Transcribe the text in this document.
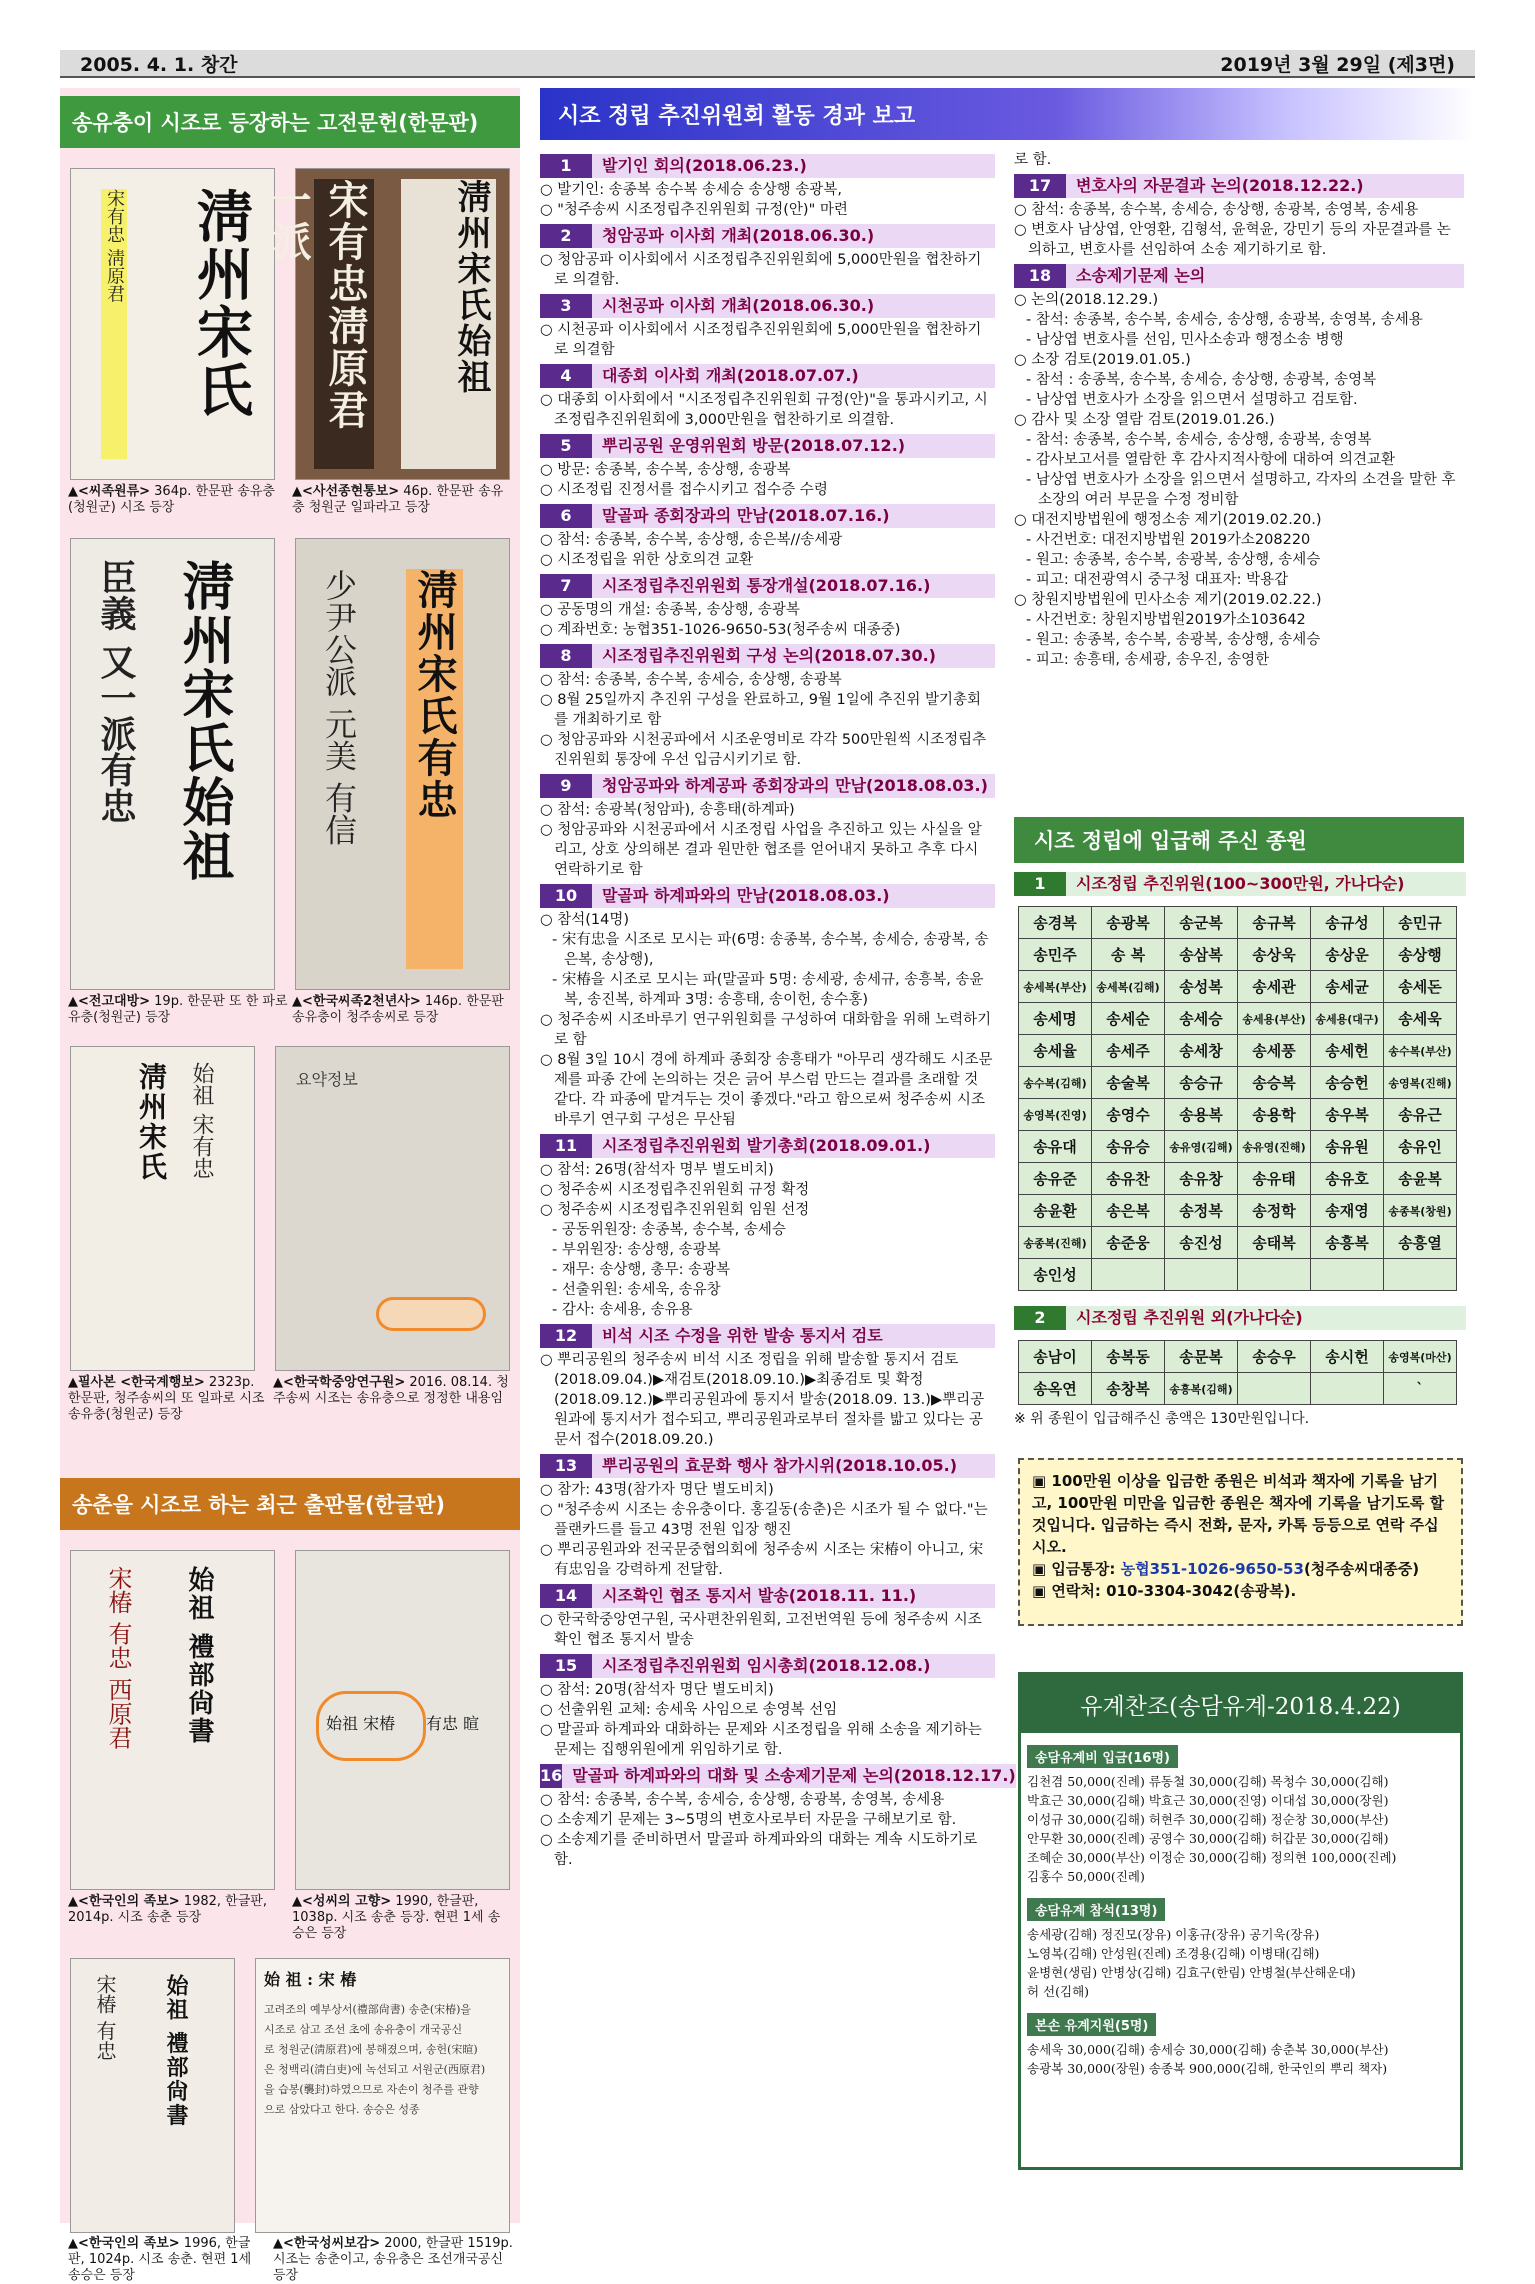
2005. 4. 1. 창간	2019년 3월 29일 (제3면)
송유충이 시조로 등장하는 고전문헌(한문판)
宋有忠 淸原君 淸州宋氏 宋有忠淸原君一派	淸州宋氏始祖
▲<씨족원류> 364p. 한문판 송유충(청원군) 시조 등장
▲<사선종현통보> 46p. 한문판 송유충 청원군 일파라고 등장
臣義 又一派有忠 淸州宋氏始祖	少尹公派 元美 有信 淸州宋氏有忠
▲<전고대방> 19p. 한문판 또 한 파로 유충(청원군) 등장
▲<한국씨족2천년사> 146p. 한문판 송유충이 청주송씨로 등장
淸州宋氏 始祖 宋有忠	요약정보
▲필사본 <한국계행보> 2323p. 한문판, 청주송씨의 또 일파로 시조 송유충(청원군) 등장
▲<한국학중앙연구원> 2016. 08.14. 청주송씨 시조는 송유충으로 정정한 내용임
송춘을 시조로 하는 최근 출판물(한글판)
宋椿 有忠 西原君 始祖 禮部尙書	始祖 宋椿 有忠 暄
▲<한국인의 족보> 1982, 한글판, 2014p. 시조 송춘 등장
▲<성씨의 고향> 1990, 한글판, 1038p. 시조 송춘 등장. 현편 1세 송승은 등장
宋椿 有忠 始祖 禮部尙書	始 祖 : 宋 椿
고려조의 예부상서(禮部尙書) 송춘(宋椿)을
시조로 삼고 조선 초에 송유충이 개국공신
로 청원군(淸原君)에 봉해졌으며, 송헌(宋暄)
은 청백리(淸白吏)에 녹선되고 서원군(西原君)
을 습봉(襲封)하였으므로 자손이 청주를 관향
으로 삼았다고 한다. 송승은 성종
▲<한국인의 족보> 1996, 한글판, 1024p. 시조 송춘. 현편 1세 송승은 등장
▲<한국성씨보감> 2000, 한글판 1519p. 시조는 송춘이고, 송유충은 조선개국공신 등장
시조 정립 추진위원회 활동 경과 보고
1	발기인 회의(2018.06.23.)
○ 발기인: 송종복 송수복 송세승 송상행 송광복,
○ "청주송씨 시조정립추진위원회 규정(안)" 마련
2	청암공파 이사회 개최(2018.06.30.)
○ 청암공파 이사회에서 시조정립추진위원회에 5,000만원을 협찬하기로 의결함.
3	시천공파 이사회 개최(2018.06.30.)
○ 시천공파 이사회에서 시조정립추진위원회에 5,000만원을 협찬하기로 의결함
4	대종회 이사회 개최(2018.07.07.)
○ 대종회 이사회에서 "시조정립추진위원회 규정(안)"을 통과시키고, 시조정립추진위원회에 3,000만원을 협찬하기로 의결함.
5	뿌리공원 운영위원회 방문(2018.07.12.)
○ 방문: 송종복, 송수복, 송상행, 송광복
○ 시조정립 진정서를 접수시키고 접수증 수령
6	말골파 종회장과의 만남(2018.07.16.)
○ 참석: 송종복, 송수복, 송상행, 송은복//송세광
○ 시조정립을 위한 상호의견 교환
7	시조정립추진위원회 통장개설(2018.07.16.)
○ 공동명의 개설: 송종복, 송상행, 송광복
○ 계좌번호: 농협351-1026-9650-53(청주송씨 대종중)
8	시조정립추진위원회 구성 논의(2018.07.30.)
○ 참석: 송종복, 송수복, 송세승, 송상행, 송광복
○ 8월 25일까지 추진위 구성을 완료하고, 9월 1일에 추진위 발기총회를 개최하기로 함
○ 청암공파와 시천공파에서 시조운영비로 각각 500만원씩 시조정립추진위원회 통장에 우선 입금시키기로 함.
9	청암공파와 하계공파 종회장과의 만남(2018.08.03.)
○ 참석: 송광복(청암파), 송흥태(하계파)
○ 청암공파와 시천공파에서 시조정립 사업을 추진하고 있는 사실을 알리고, 상호 상의해본 결과 원만한 협조를 얻어내지 못하고 추후 다시 연락하기로 함
10	말골파 하계파와의 만남(2018.08.03.)
○ 참석(14명)
- 宋有忠을 시조로 모시는 파(6명: 송종복, 송수복, 송세승, 송광복, 송은복, 송상행),
- 宋椿을 시조로 모시는 파(말골파 5명: 송세광, 송세규, 송흥복, 송윤복, 송진복, 하계파 3명: 송흥태, 송이헌, 송수홍)
○ 청주송씨 시조바루기 연구위원회를 구성하여 대화함을 위해 노력하기로 함
○ 8월 3일 10시 경에 하계파 종회장 송흥태가 "아무리 생각해도 시조문제를 파종 간에 논의하는 것은 긁어 부스럼 만드는 결과를 초래할 것 같다. 각 파종에 맡겨두는 것이 좋겠다."라고 함으로써 청주송씨 시조바루기 연구회 구성은 무산됨
11	시조정립추진위원회 발기총회(2018.09.01.)
○ 참석: 26명(참석자 명부 별도비치)
○ 청주송씨 시조정립추진위원회 규정 확정
○ 청주송씨 시조정립추진위원회 임원 선정
- 공동위원장: 송종복, 송수복, 송세승
- 부위원장: 송상행, 송광복
- 재무: 송상행, 총무: 송광복
- 선출위원: 송세욱, 송유창
- 감사: 송세용, 송유용
12	비석 시조 수정을 위한 발송 통지서 검토
○ 뿌리공원의 청주송씨 비석 시조 정립을 위해 발송할 통지서 검토(2018.09.04.)▶재검토(2018.09.10.)▶최종검토 및 확정(2018.09.12.)▶뿌리공원과에 통지서 발송(2018.09. 13.)▶뿌리공원과에 통지서가 접수되고, 뿌리공원과로부터 절차를 밟고 있다는 공문서 접수(2018.09.20.)
13	뿌리공원의 효문화 행사 참가시위(2018.10.05.)
○ 참가: 43명(참가자 명단 별도비치)
○ "청주송씨 시조는 송유충이다. 홍길동(송춘)은 시조가 될 수 없다."는 플랜카드를 들고 43명 전원 입장 행진
○ 뿌리공원과와 전국문중협의회에 청주송씨 시조는 宋椿이 아니고, 宋有忠임을 강력하게 전달함.
14	시조확인 협조 통지서 발송(2018.11. 11.)
○ 한국학중앙연구원, 국사편찬위원회, 고전번역원 등에 청주송씨 시조확인 협조 통지서 발송
15	시조정립추진위원회 임시총회(2018.12.08.)
○ 참석: 20명(참석자 명단 별도비치)
○ 선출위원 교체: 송세욱 사임으로 송영복 선임
○ 말골파 하계파와 대화하는 문제와 시조정립을 위해 소송을 제기하는 문제는 집행위원에게 위임하기로 함.
16 말골파 하계파와의 대화 및 소송제기문제 논의(2018.12.17.)
○ 참석: 송종복, 송수복, 송세승, 송상행, 송광복, 송영복, 송세용
○ 소송제기 문제는 3~5명의 변호사로부터 자문을 구해보기로 함.
○ 소송제기를 준비하면서 말골파 하계파와의 대화는 계속 시도하기로 함.
로 함.
17	변호사의 자문결과 논의(2018.12.22.)
○ 참석: 송종복, 송수복, 송세승, 송상행, 송광복, 송영복, 송세용
○ 변호사 남상엽, 안영환, 김형석, 윤혁윤, 강민기 등의 자문결과를 논의하고, 변호사를 선임하여 소송 제기하기로 함.
18	소송제기문제 논의
○ 논의(2018.12.29.)
- 참석: 송종복, 송수복, 송세승, 송상행, 송광복, 송영복, 송세용
- 남상엽 변호사를 선임, 민사소송과 행정소송 병행
○ 소장 검토(2019.01.05.)
- 참석 : 송종복, 송수복, 송세승, 송상행, 송광복, 송영복
- 남상엽 변호사가 소장을 읽으면서 설명하고 검토함.
○ 감사 및 소장 열람 검토(2019.01.26.)
- 참석: 송종복, 송수복, 송세승, 송상행, 송광복, 송영복
- 감사보고서를 열람한 후 감사지적사항에 대하여 의견교환
- 남상엽 변호사가 소장을 읽으면서 설명하고, 각자의 소견을 말한 후 소장의 여러 부문을 수정 정비함
○ 대전지방법원에 행정소송 제기(2019.02.20.)
- 사건번호: 대전지방법원 2019가소208220
- 원고: 송종복, 송수복, 송광복, 송상행, 송세승
- 피고: 대전광역시 중구청 대표자: 박용갑
○ 창원지방법원에 민사소송 제기(2019.02.22.)
- 사건번호: 창원지방법원2019가소103642
- 원고: 송종복, 송수복, 송광복, 송상행, 송세승
- 피고: 송흥태, 송세광, 송우진, 송영한
시조 정립에 입급해 주신 종원
1	시조정립 추진위원(100~300만원, 가나다순)
송경복	송광복	송군복	송규복	송규성	송민규
송민주	송 복	송삼복	송상욱	송상운	송상행
송세복(부산)	송세복(김해)	송성복	송세관	송세균	송세돈
송세명	송세순	송세승	송세용(부산)	송세용(대구)	송세욱
송세율	송세주	송세창	송세풍	송세헌	송수복(부산)
송수복(김해)	송술복	송승규	송승복	송승헌	송영복(진해)
송영복(진영)	송영수	송용복	송용학	송우복	송유근
송유대	송유승	송유영(김해)	송유영(진해)	송유원	송유인
송유준	송유찬	송유창	송유태	송유호	송윤복
송윤환	송은복	송정복	송정학	송재영	송종복(창원)
송종복(진해)	송준웅	송진성	송태복	송흥복	송흥열
송인성					
2	시조정립 추진위원 외(가나다순)
송남이	송복동	송문복	송승우	송시헌	송영복(마산)
송옥연	송창복	송흥복(김해)			`
※ 위 종원이 입급해주신 총액은 130만원입니다.
▣ 100만원 이상을 입금한 종원은 비석과 책자에 기록을 남기고, 100만원 미만을 입금한 종원은 책자에 기록을 남기도록 할 것입니다. 입금하는 즉시 전화, 문자, 카톡 등등으로 연락 주십시오.
▣ 입금통장: 농협351-1026-9650-53(청주송씨대종중)
▣ 연락처: 010-3304-3042(송광복).
유계찬조(송담유계-2018.4.22)
송담유계비 입금(16명)
김천겸 50,000(진례) 류동철 30,000(김해) 목청수 30,000(김해)
박효근 30,000(김해) 박효근 30,000(진영) 이대섭 30,000(장원)
이성규 30,000(김해) 허현주 30,000(김해) 정순창 30,000(부산)
안무환 30,000(진례) 공영수 30,000(김해) 허갑문 30,000(김해)
조혜순 30,000(부산) 이정순 30,000(김해) 정의현 100,000(진례)
김홍수 50,000(진례)
송담유계 참석(13명)
송세광(김해) 정진모(장유) 이홍규(장유) 공기욱(장유)
노영복(김해) 안성원(진례) 조경용(김해) 이병태(김해)
윤병현(생림) 안병상(김해) 김효구(한림) 안병철(부산해운대)
허 선(김해)
본손 유계지원(5명)
송세욱 30,000(김해) 송세승 30,000(김해) 송춘복 30,000(부산)
송광복 30,000(장원) 송종복 900,000(김해, 한국인의 뿌리 책자)
